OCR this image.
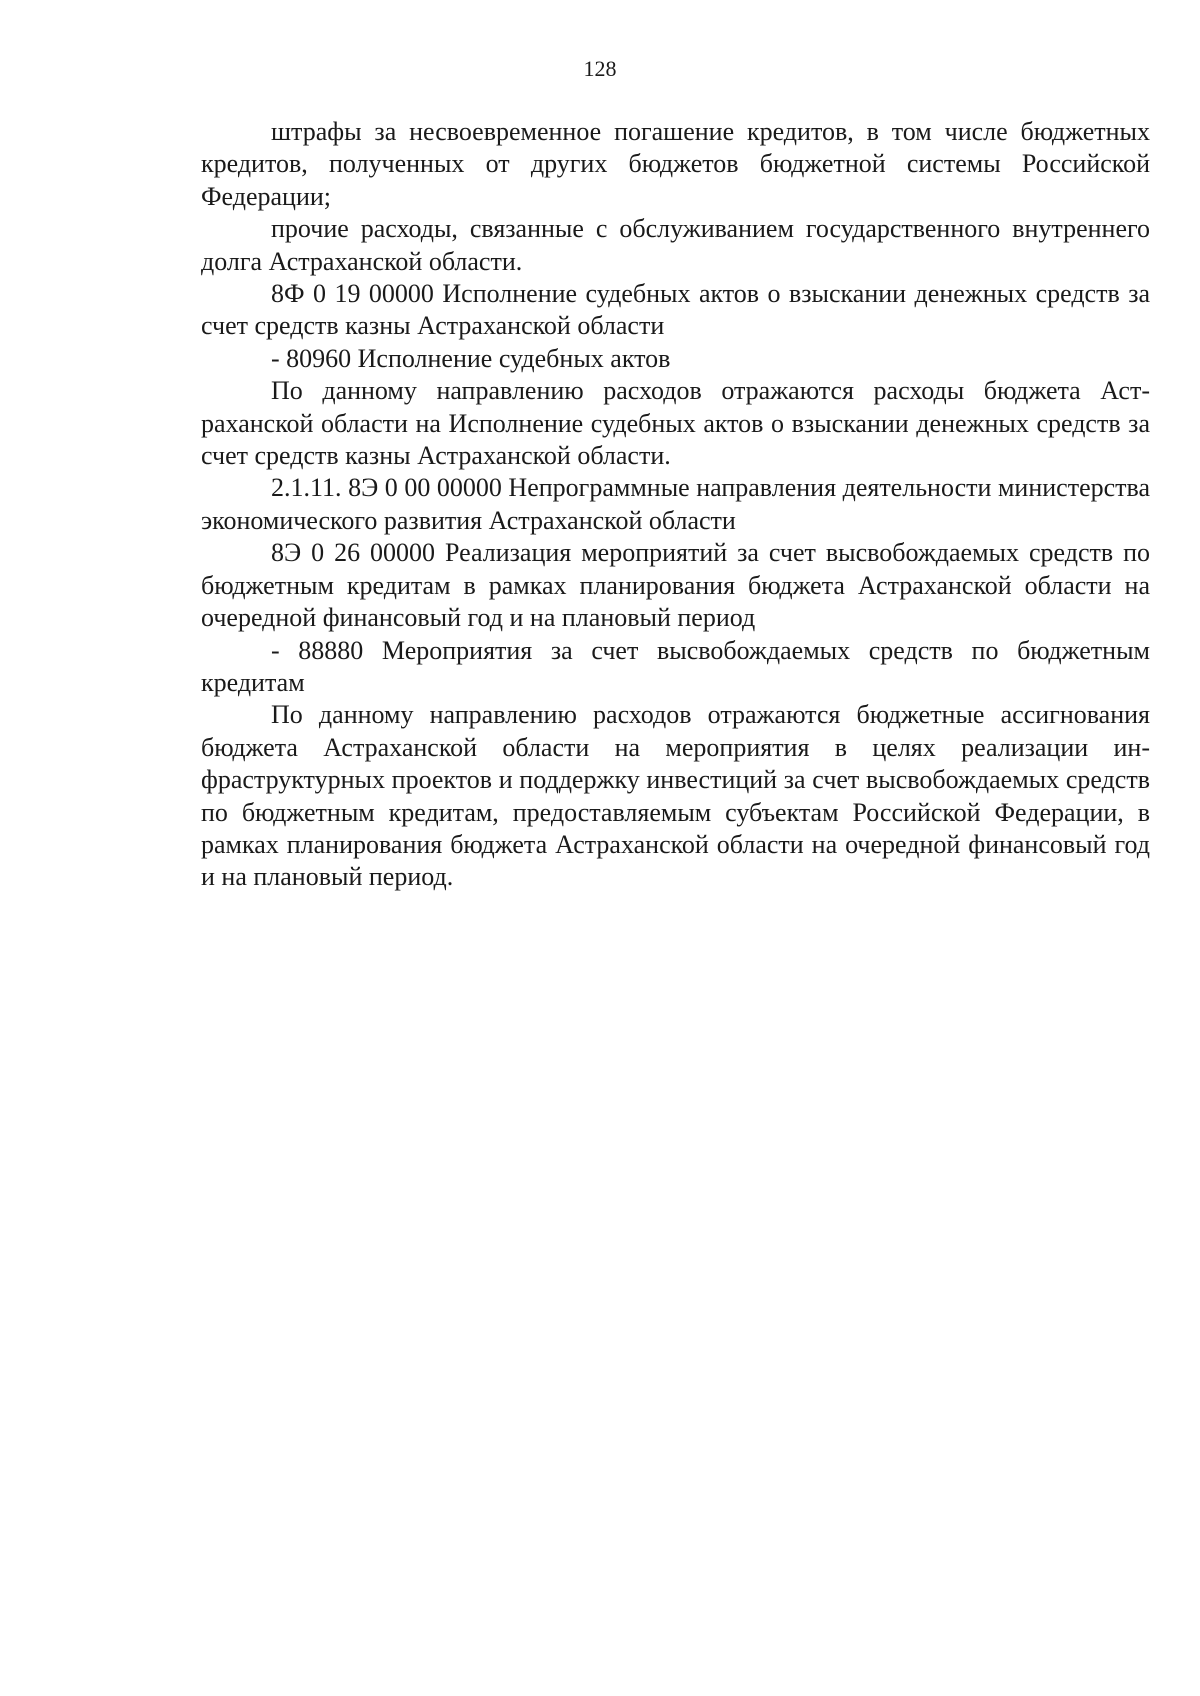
128

штрафы за несвоевременное погашение кредитов, в том числе бюджетных кредитов, полученных от других бюджетов бюджетной системы Российской Федерации;

прочие расходы, связанные с обслуживанием государственного внутреннего долга Астраханской области.

8Ф 0 19 00000 Исполнение судебных актов о взыскании денежных средств за счет средств казны Астраханской области

- 80960 Исполнение судебных актов

По данному направлению расходов отражаются расходы бюджета Астраханской области на Исполнение судебных актов о взыскании денежных средств за счет средств казны Астраханской области.

2.1.11. 8Э 0 00 00000 Непрограммные направления деятельности министерства экономического развития Астраханской области

8Э 0 26 00000 Реализация мероприятий за счет высвобождаемых средств по бюджетным кредитам в рамках планирования бюджета Астраханской области на очередной финансовый год и на плановый период

- 88880 Мероприятия за счет высвобождаемых средств по бюджетным кредитам

По данному направлению расходов отражаются бюджетные ассигнования бюджета Астраханской области на мероприятия в целях реализации инфраструктурных проектов и поддержку инвестиций за счет высвобождаемых средств по бюджетным кредитам, предоставляемым субъектам Российской Федерации, в рамках планирования бюджета Астраханской области на очередной финансовый год и на плановый период.
